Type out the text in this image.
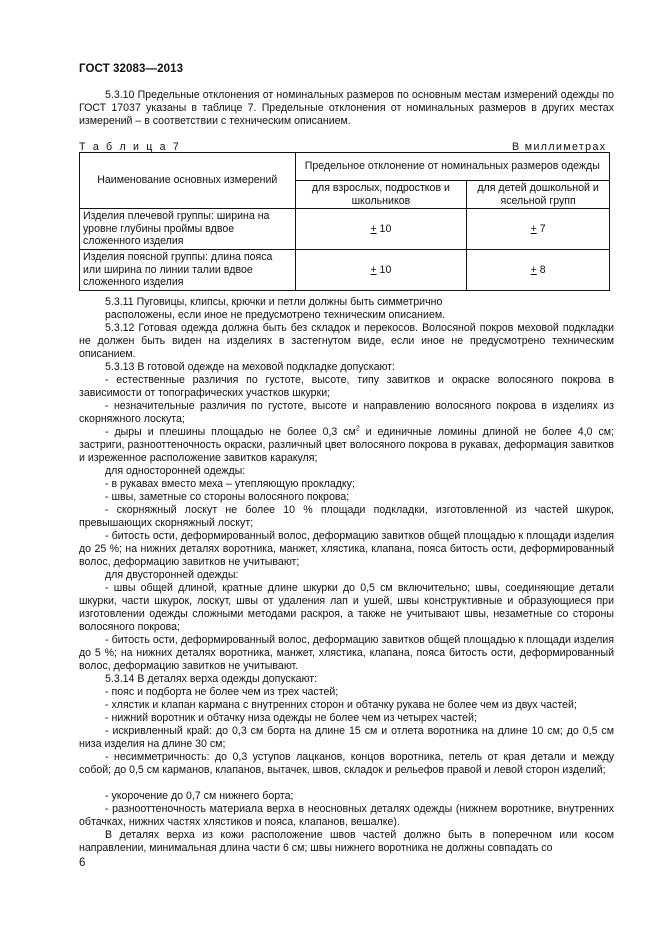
ГОСТ 32083—2013

5.3.10 Предельные отклонения от номинальных размеров по основным местам измерений одежды по ГОСТ 17037 указаны в таблице 7. Предельные отклонения от номинальных размеров в других местах измерений – в соответствии с техническим описанием.

Т а б л и ц а 7	В миллиметрах
Наименование основных измерений	Предельное отклонение от номинальных размеров одежды	
	для взрослых, подростков и школьников	для детей дошкольной и ясельной групп
Изделия плечевой группы: ширина на уровне глубины проймы вдвое сложенного изделия	+ 10	+ 7
Изделия поясной группы: длина пояса или ширина по линии талии вдвое сложенного изделия	+ 10	+ 8

5.3.11 Пуговицы, клипсы, крючки и петли должны быть симметрично

расположены, если иное не предусмотрено техническим описанием.

5.3.12 Готовая одежда должна быть без складок и перекосов. Волосяной покров меховой подкладки не должен быть виден на изделиях в застегнутом виде, если иное не предусмотрено техническим описанием.

5.3.13 В готовой одежде на меховой подкладке допускают:

- естественные различия по густоте, высоте, типу завитков и окраске волосяного покрова в зависимости от топографических участков шкурки;

- незначительные различия по густоте, высоте и направлению волосяного покрова в изделиях из скорняжного лоскута;

- дыры и плешины площадью не более 0,3 $см^2$ и единичные ломины длиной не более 4,0 см; застриги, разнооттеночность окраски, различный цвет волосяного покрова в рукавах, деформация завитков и изреженное расположение завитков каракуля;

для односторонней одежды:

- в рукавах вместо меха – утепляющую прокладку;

- швы, заметные со стороны волосяного покрова;

- скорняжный лоскут не более 10 % площади подкладки, изготовленной из частей шкурок, превышающих скорняжный лоскут;

- битость ости, деформированный волос, деформацию завитков общей площадью к площади изделия до 25 %; на нижних деталях воротника, манжет, хлястика, клапана, пояса битость ости, деформированный волос, деформацию завитков не учитывают;

для двусторонней одежды:

- швы общей длиной, кратные длине шкурки до 0,5 см включительно; швы, соединяющие детали шкурки, части шкурок, лоскут, швы от удаления лап и ушей, швы конструктивные и образующиеся при изготовлении одежды сложными методами раскроя, а также не учитывают швы, незаметные со стороны волосяного покрова;

- битость ости, деформированный волос, деформацию завитков общей площадью к площади изделия до 5 %; на нижних деталях воротника, манжет, хлястика, клапана, пояса битость ости, деформированный волос, деформацию завитков не учитывают.

5.3.14 В деталях верха одежды допускают:

- пояс и подборта не более чем из трех частей;

- хлястик и клапан кармана с внутренних сторон и обтачку рукава не более чем из двух частей;

- нижний воротник и обтачку низа одежды не более чем из четырех частей;

- искривленный край: до 0,3 см борта на длине 15 см и отлета воротника на длине 10 см; до 0,5 см низа изделия на длине 30 см;

- несимметричность: до 0,3 уступов лацканов, концов воротника, петель от края детали и между собой; до 0,5 см карманов, клапанов, вытачек, швов, складок и рельефов правой и левой сторон изделий;

- укорочение до 0,7 см нижнего борта;

- разнооттеночность материала верха в неосновных деталях одежды (нижнем воротнике, внутренних обтачках, нижних частях хлястиков и пояса, клапанов, вешалке).

В деталях верха из кожи расположение швов частей должно быть в поперечном или косом направлении, минимальная длина части 6 см; швы нижнего воротника не должны совпадать со

6
